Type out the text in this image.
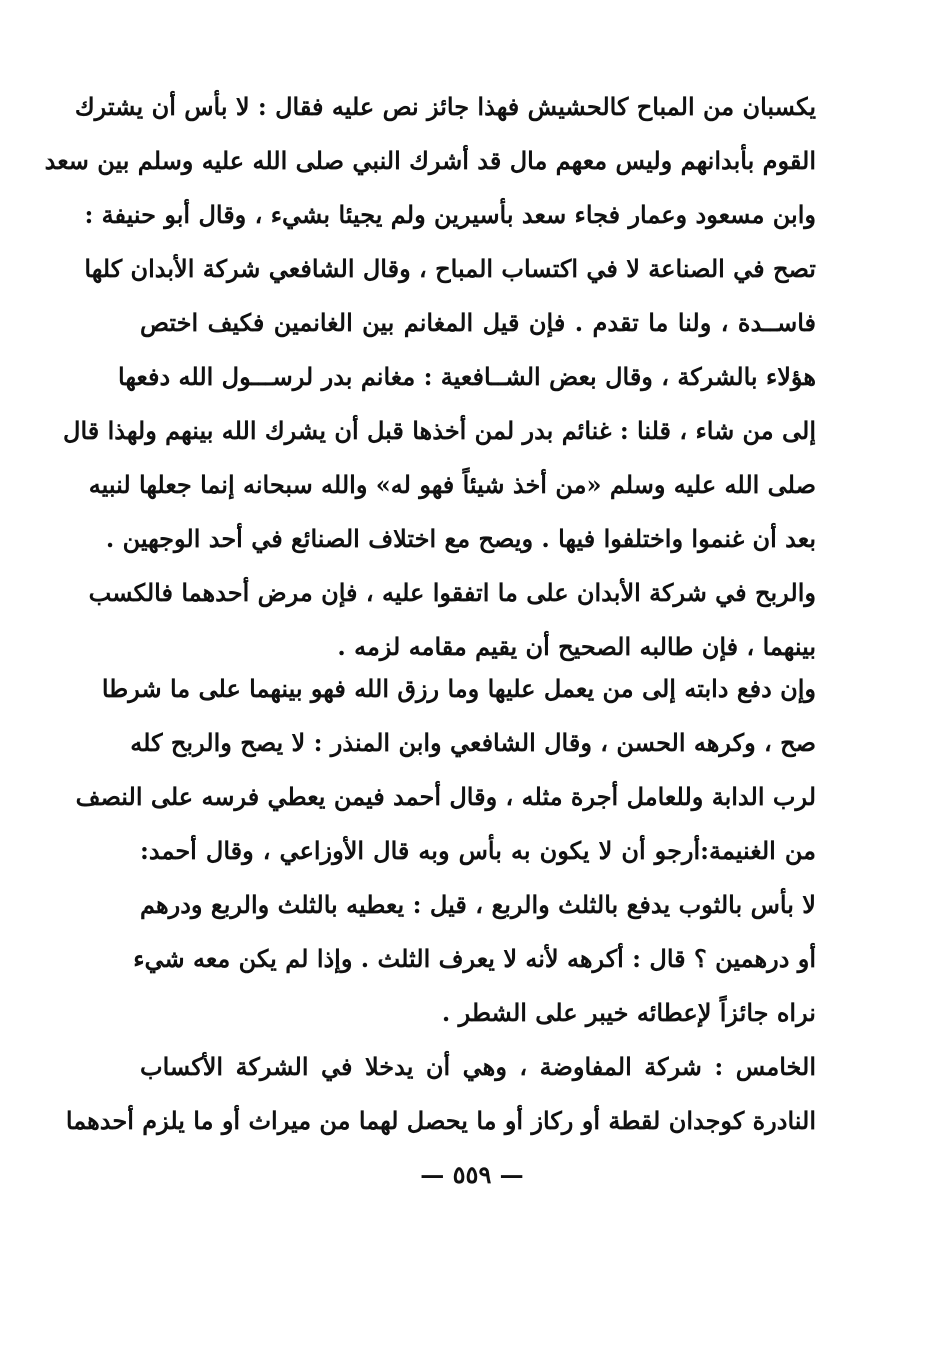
يكسبان من المباح كالحشيش فهذا جائز نص عليه فقال : لا بأس أن يشترك
القوم بأبدانهم وليس معهم مال قد أشرك النبي صلى الله عليه وسلم بين سعد
وابن مسعود وعمار فجاء سعد بأسيرين ولم يجيئا بشيء ، وقال أبو حنيفة :
تصح في الصناعة لا في اكتساب المباح ، وقال الشافعي شركة الأبدان كلها
فاســدة ، ولنا ما تقدم . فإن قيل المغانم بين الغانمين فكيف اختص
هؤلاء بالشركة ، وقال بعض الشــافعية : مغانم بدر لرســـول الله دفعها
إلى من شاء ، قلنا : غنائم بدر لمن أخذها قبل أن يشرك الله بينهم ولهذا قال
صلى الله عليه وسلم «من أخذ شيئاً فهو له» والله سبحانه إنما جعلها لنبيه
بعد أن غنموا واختلفوا فيها . ويصح مع اختلاف الصنائع في أحد الوجهين .
والربح في شركة الأبدان على ما اتفقوا عليه ، فإن مرض أحدهما فالكسب
بينهما ، فإن طالبه الصحيح أن يقيم مقامه لزمه .
وإن دفع دابته إلى من يعمل عليها وما رزق الله فهو بينهما على ما شرطا
صح ، وكرهه الحسن ، وقال الشافعي وابن المنذر : لا يصح والربح كله
لرب الدابة وللعامل أجرة مثله ، وقال أحمد فيمن يعطي فرسه على النصف
من الغنيمة:أرجو أن لا يكون به بأس وبه قال الأوزاعي ، وقال أحمد:
لا بأس بالثوب يدفع بالثلث والربع ، قيل : يعطيه بالثلث والربع ودرهم
أو درهمين ؟ قال : أكرهه لأنه لا يعرف الثلث . وإذا لم يكن معه شيء
نراه جائزاً لإعطائه خيبر على الشطر .
الخامس : شركة المفاوضة ، وهي أن يدخلا في الشركة الأكساب
النادرة كوجدان لقطة أو ركاز أو ما يحصل لهما من ميراث أو ما يلزم أحدهما
— ٥٥٩ —
